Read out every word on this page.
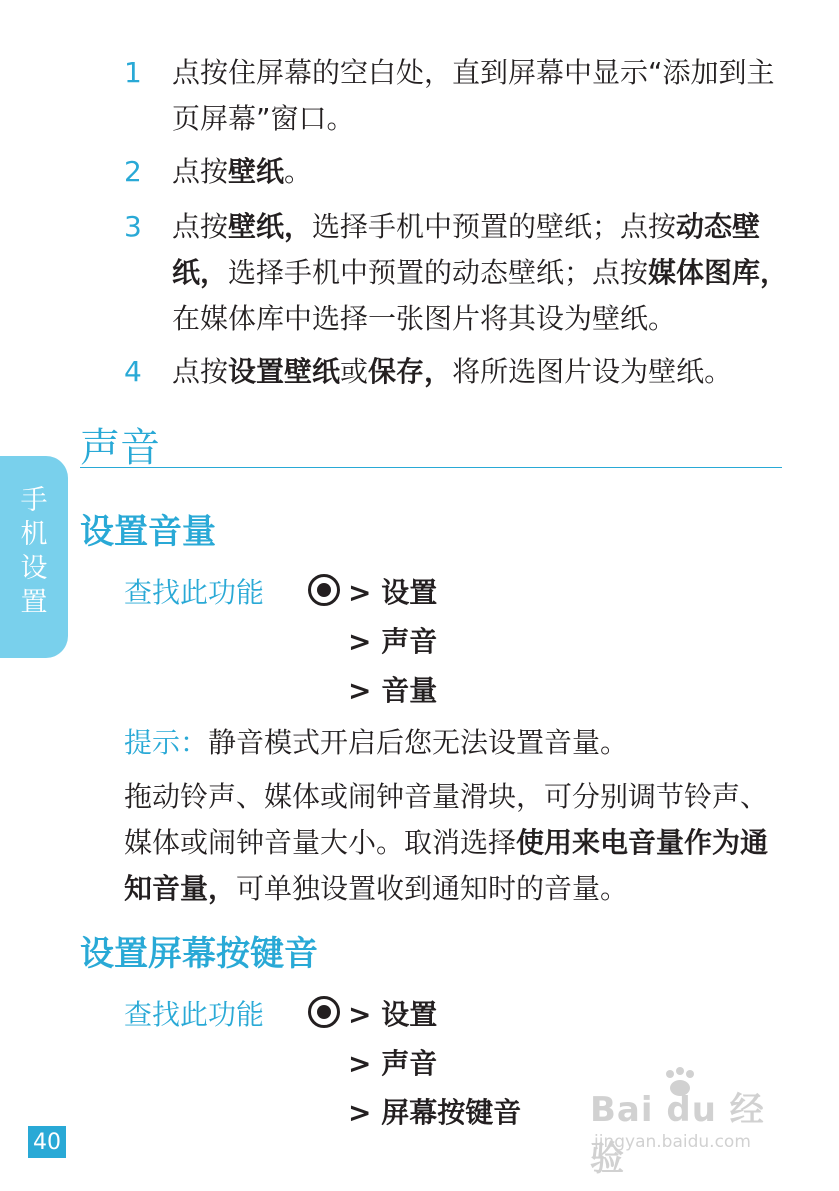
1 点按住屏幕的空白处，直到屏幕中显示“添加到主页屏幕”窗口。
2 点按壁纸。
3 点按壁纸，选择手机中预置的壁纸；点按动态壁纸，选择手机中预置的动态壁纸；点按媒体图库，在媒体库中选择一张图片将其设为壁纸。
4 点按设置壁纸或保存，将所选图片设为壁纸。
声音
手
机
设
置
设置音量
查找此功能	> 设置
> 声音
> 音量
提示：静音模式开启后您无法设置音量。
拖动铃声、媒体或闹钟音量滑块，可分别调节铃声、媒体或闹钟音量大小。取消选择使用来电音量作为通知音量，可单独设置收到通知时的音量。
设置屏幕按键音
查找此功能	> 设置
> 声音
> 屏幕按键音
40
Bai du 经验
jingyan.baidu.com
